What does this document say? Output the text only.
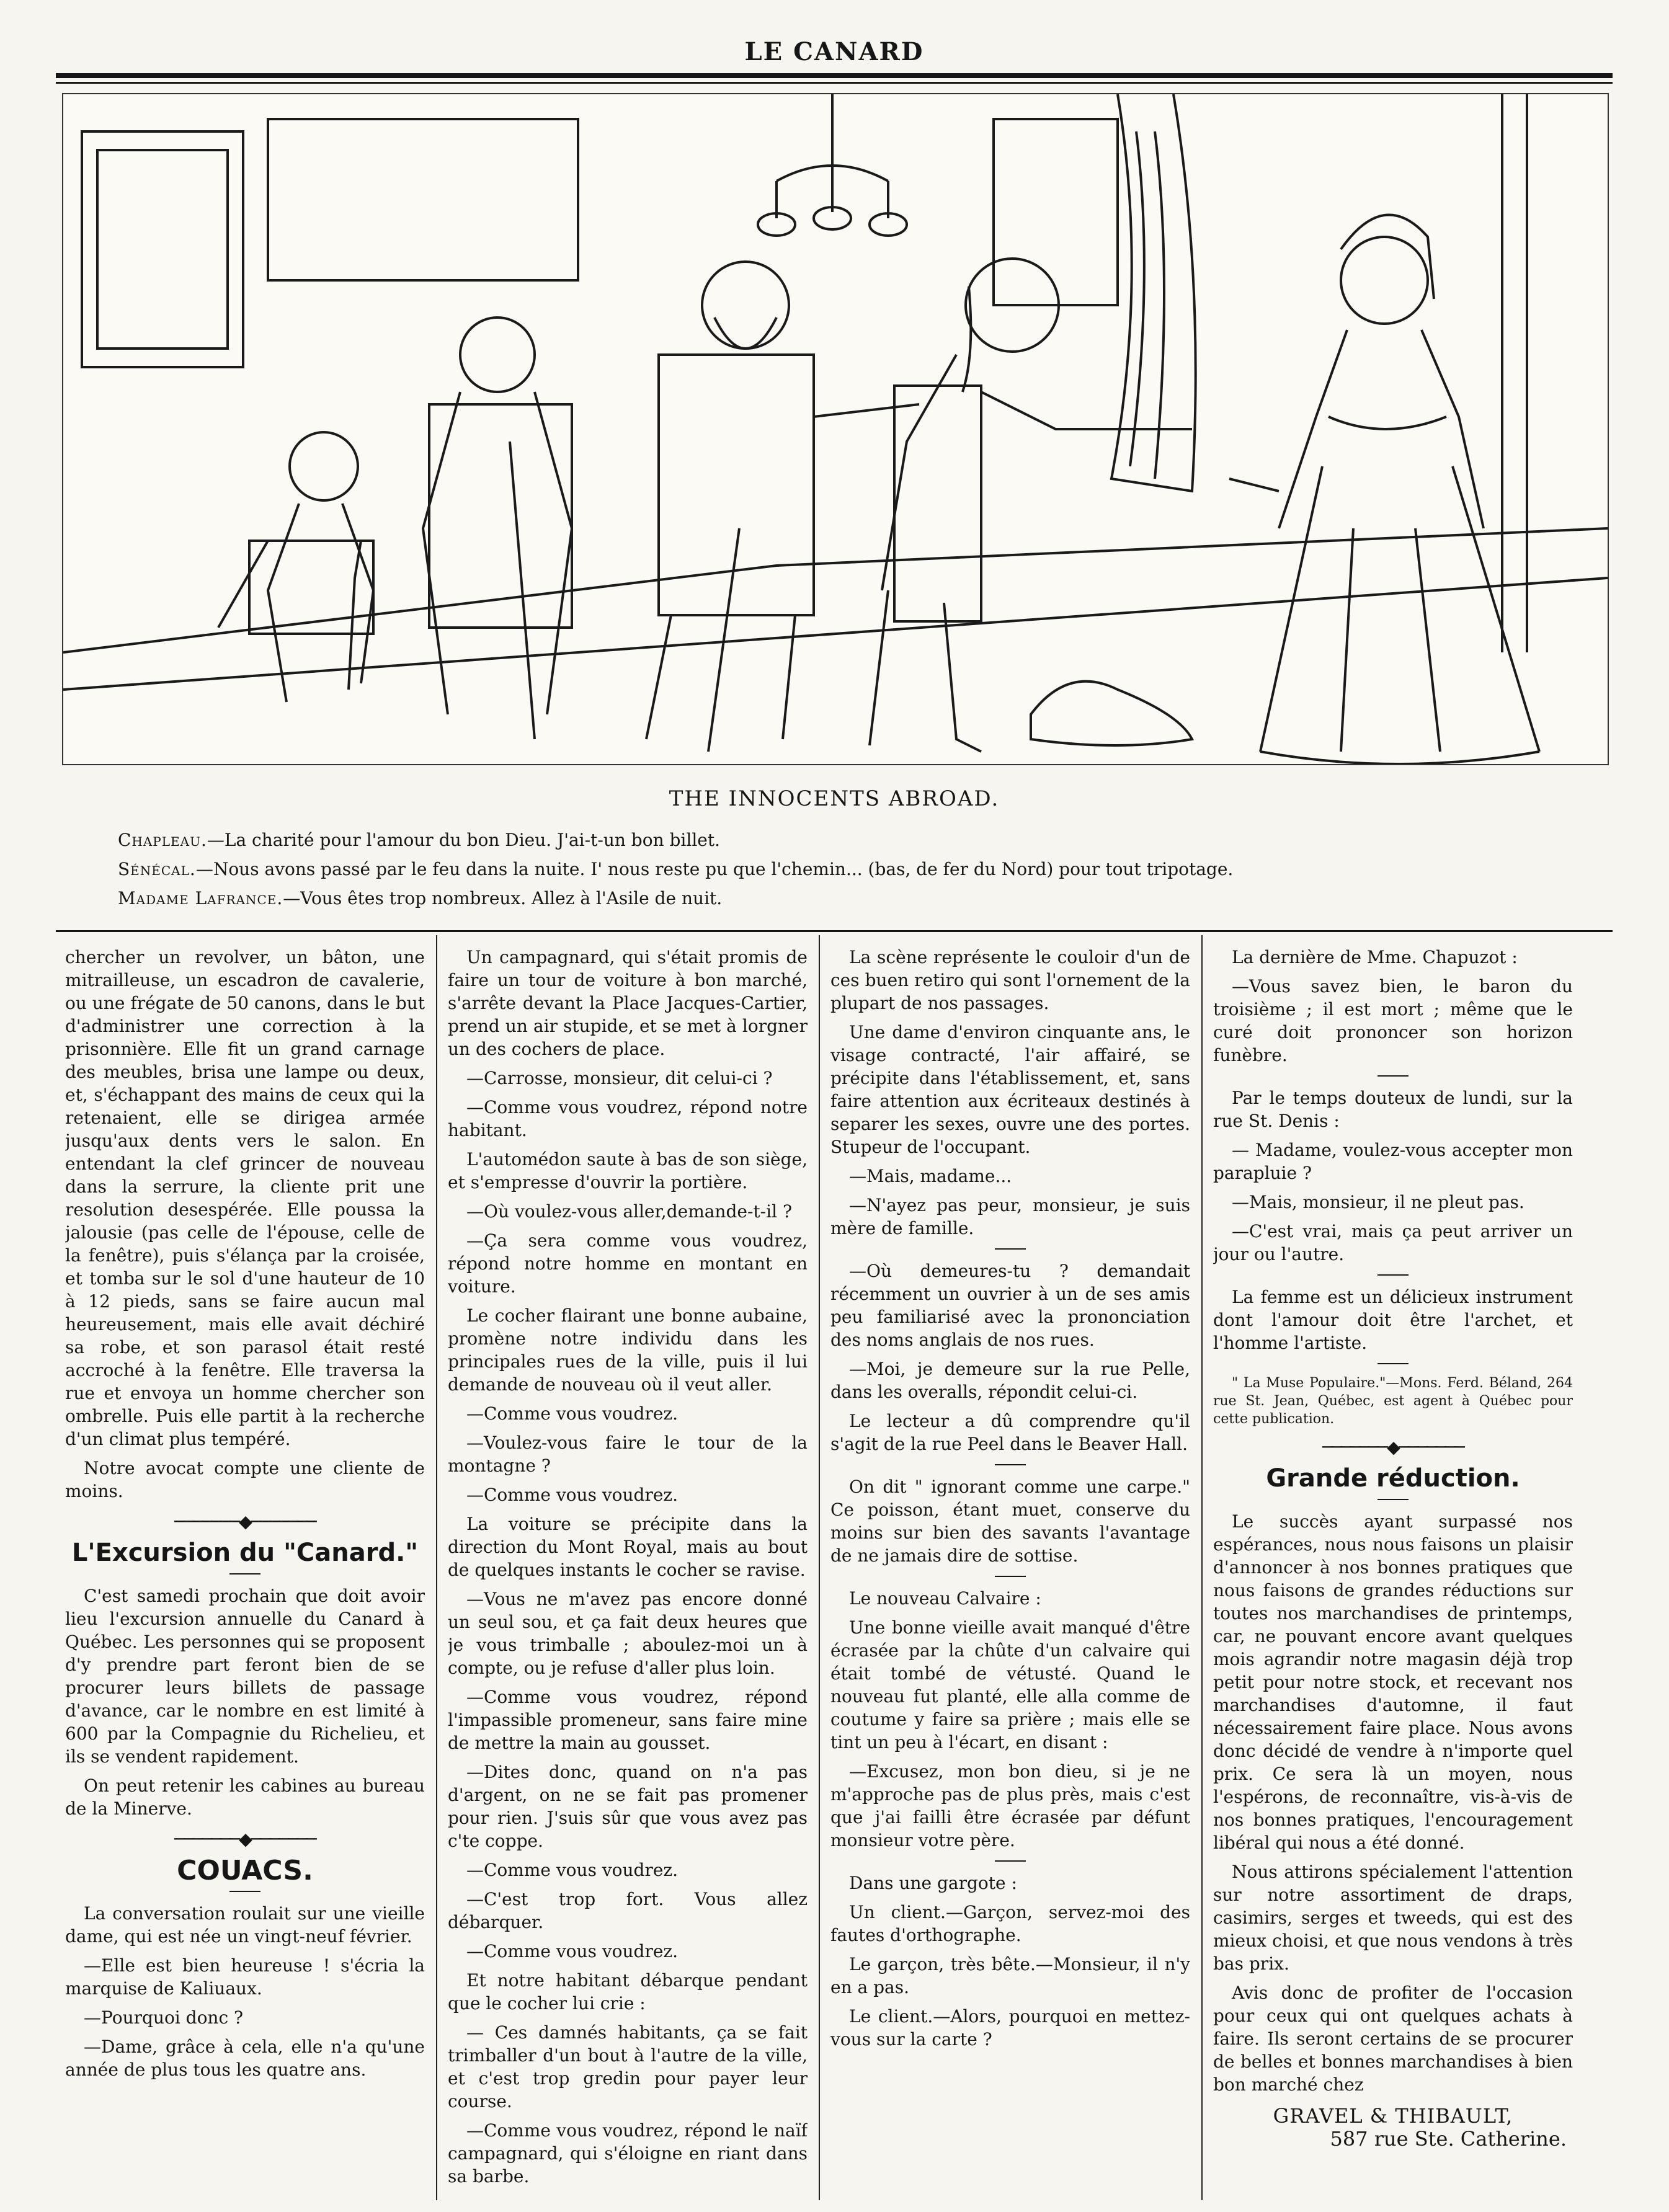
LE CANARD
THE INNOCENTS ABROAD.
Chapleau.—La charité pour l'amour du bon Dieu. J'ai-t-un bon billet.
Sénécal.—Nous avons passé par le feu dans la nuite. I' nous reste pu que l'chemin... (bas, de fer du Nord) pour tout tripotage.
Madame Lafrance.—Vous êtes trop nombreux. Allez à l'Asile de nuit.

chercher un revolver, un bâton, une mitrailleuse, un escadron de cavalerie, ou une frégate de 50 canons, dans le but d'administrer une correction à la prisonnière. Elle fit un grand carnage des meubles, brisa une lampe ou deux, et, s'échappant des mains de ceux qui la retenaient, elle se dirigea armée jusqu'aux dents vers le salon. En entendant la clef grincer de nouveau dans la serrure, la cliente prit une resolution desespérée. Elle poussa la jalousie (pas celle de l'épouse, celle de la fenêtre), puis s'élança par la croisée, et tomba sur le sol d'une hauteur de 10 à 12 pieds, sans se faire aucun mal heureusement, mais elle avait déchiré sa robe, et son parasol était resté accroché à la fenêtre. Elle traversa la rue et envoya un homme chercher son ombrelle. Puis elle partit à la recherche d'un climat plus tempéré.

Notre avocat compte une cliente de moins.

───────◆───────
L'Excursion du "Canard."

C'est samedi prochain que doit avoir lieu l'excursion annuelle du Canard à Québec. Les personnes qui se proposent d'y prendre part feront bien de se procurer leurs billets de passage d'avance, car le nombre en est limité à 600 par la Compagnie du Richelieu, et ils se vendent rapidement.

On peut retenir les cabines au bureau de la Minerve.

───────◆───────
COUACS.

La conversation roulait sur une vieille dame, qui est née un vingt-neuf février.

—Elle est bien heureuse ! s'écria la marquise de Kaliuaux.

—Pourquoi donc ?

—Dame, grâce à cela, elle n'a qu'une année de plus tous les quatre ans.

Un campagnard, qui s'était promis de faire un tour de voiture à bon marché, s'arrête devant la Place Jacques-Cartier, prend un air stupide, et se met à lorgner un des cochers de place.

—Carrosse, monsieur, dit celui-ci ?

—Comme vous voudrez, répond notre habitant.

L'automédon saute à bas de son siège, et s'empresse d'ouvrir la portière.

—Où voulez-vous aller,demande-t-il ?

—Ça sera comme vous voudrez, répond notre homme en montant en voiture.

Le cocher flairant une bonne aubaine, promène notre individu dans les principales rues de la ville, puis il lui demande de nouveau où il veut aller.

—Comme vous voudrez.

—Voulez-vous faire le tour de la montagne ?

—Comme vous voudrez.

La voiture se précipite dans la direction du Mont Royal, mais au bout de quelques instants le cocher se ravise.

—Vous ne m'avez pas encore donné un seul sou, et ça fait deux heures que je vous trimballe ; aboulez-moi un à compte, ou je refuse d'aller plus loin.

—Comme vous voudrez, répond l'impassible promeneur, sans faire mine de mettre la main au gousset.

—Dites donc, quand on n'a pas d'argent, on ne se fait pas promener pour rien. J'suis sûr que vous avez pas c'te coppe.

—Comme vous voudrez.

—C'est trop fort. Vous allez débarquer.

—Comme vous voudrez.

Et notre habitant débarque pendant que le cocher lui crie :

— Ces damnés habitants, ça se fait trimballer d'un bout à l'autre de la ville, et c'est trop gredin pour payer leur course.

—Comme vous voudrez, répond le naïf campagnard, qui s'éloigne en riant dans sa barbe.

La scène représente le couloir d'un de ces buen retiro qui sont l'ornement de la plupart de nos passages.

Une dame d'environ cinquante ans, le visage contracté, l'air affairé, se précipite dans l'établissement, et, sans faire attention aux écriteaux destinés à separer les sexes, ouvre une des portes. Stupeur de l'occupant.

—Mais, madame...

—N'ayez pas peur, monsieur, je suis mère de famille.

—Où demeures-tu ? demandait récemment un ouvrier à un de ses amis peu familiarisé avec la prononciation des noms anglais de nos rues.

—Moi, je demeure sur la rue Pelle, dans les overalls, répondit celui-ci.

Le lecteur a dû comprendre qu'il s'agit de la rue Peel dans le Beaver Hall.

On dit " ignorant comme une carpe." Ce poisson, étant muet, conserve du moins sur bien des savants l'avantage de ne jamais dire de sottise.

Le nouveau Calvaire :

Une bonne vieille avait manqué d'être écrasée par la chûte d'un calvaire qui était tombé de vétusté. Quand le nouveau fut planté, elle alla comme de coutume y faire sa prière ; mais elle se tint un peu à l'écart, en disant :

—Excusez, mon bon dieu, si je ne m'approche pas de plus près, mais c'est que j'ai failli être écrasée par défunt monsieur votre père.

Dans une gargote :

Un client.—Garçon, servez-moi des fautes d'orthographe.

Le garçon, très bête.—Monsieur, il n'y en a pas.

Le client.—Alors, pourquoi en mettez-vous sur la carte ?

La dernière de Mme. Chapuzot :

—Vous savez bien, le baron du troisième ; il est mort ; même que le curé doit prononcer son horizon funèbre.

Par le temps douteux de lundi, sur la rue St. Denis :

— Madame, voulez-vous accepter mon parapluie ?

—Mais, monsieur, il ne pleut pas.

—C'est vrai, mais ça peut arriver un jour ou l'autre.

La femme est un délicieux instrument dont l'amour doit être l'archet, et l'homme l'artiste.

" La Muse Populaire."—Mons. Ferd. Béland, 264 rue St. Jean, Québec, est agent à Québec pour cette publication.

───────◆───────
Grande réduction.

Le succès ayant surpassé nos espérances, nous nous faisons un plaisir d'annoncer à nos bonnes pratiques que nous faisons de grandes réductions sur toutes nos marchandises de printemps, car, ne pouvant encore avant quelques mois agrandir notre magasin déjà trop petit pour notre stock, et recevant nos marchandises d'automne, il faut nécessairement faire place. Nous avons donc décidé de vendre à n'importe quel prix. Ce sera là un moyen, nous l'espérons, de reconnaître, vis-à-vis de nos bonnes pratiques, l'encouragement libéral qui nous a été donné.

Nous attirons spécialement l'attention sur notre assortiment de draps, casimirs, serges et tweeds, qui est des mieux choisi, et que nous vendons à très bas prix.

Avis donc de profiter de l'occasion pour ceux qui ont quelques achats à faire. Ils seront certains de se procurer de belles et bonnes marchandises à bien bon marché chez

GRAVEL & THIBAULT,
587 rue Ste. Catherine.
